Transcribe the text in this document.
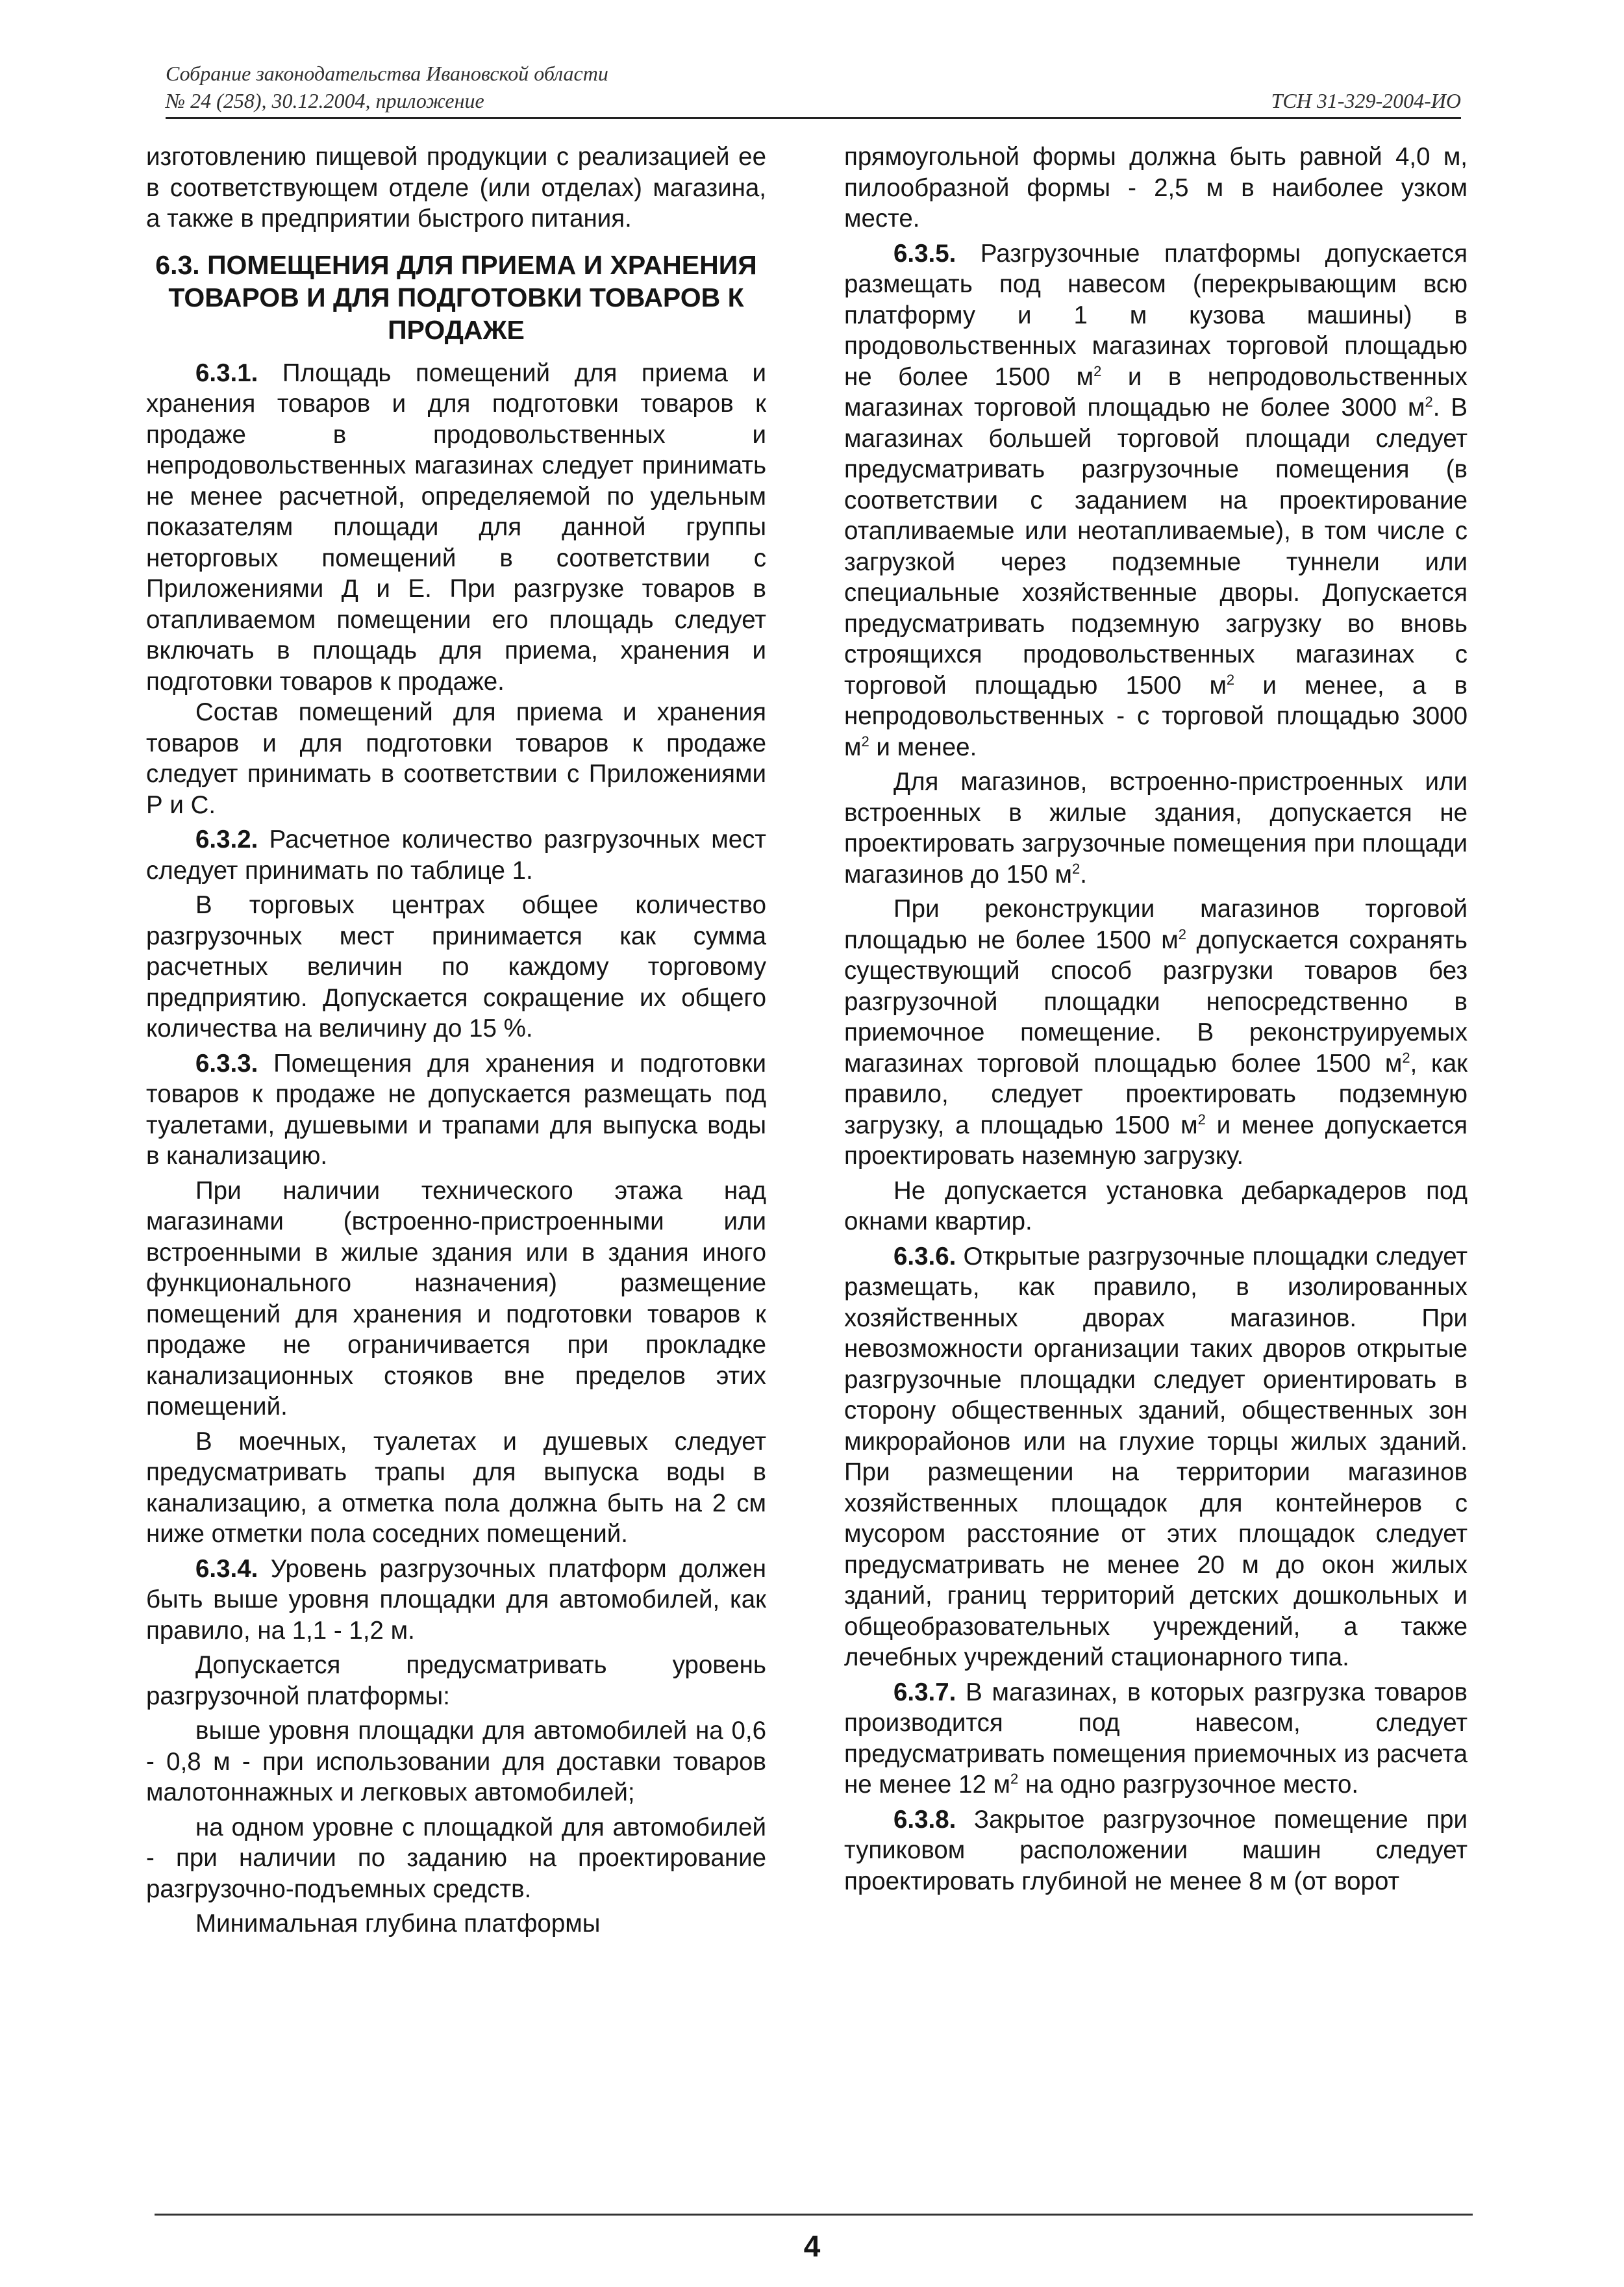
Собрание законодательства Ивановской области
№ 24 (258), 30.12.2004, приложение	ТСН 31-329-2004-ИО

изготовлению пищевой продукции с реализацией ее в соответствующем отделе (или отделах) магазина, а также в предприятии быстрого питания.

6.3. ПОМЕЩЕНИЯ ДЛЯ ПРИЕМА И ХРАНЕНИЯ ТОВАРОВ И ДЛЯ ПОДГОТОВКИ ТОВАРОВ К ПРОДАЖЕ

6.3.1. Площадь помещений для приема и хранения товаров и для подготовки товаров к продаже в продовольственных и непродовольственных магазинах следует принимать не менее расчетной, определяемой по удельным показателям площади для данной группы неторговых помещений в соответствии с Приложениями Д и Е. При разгрузке товаров в отапливаемом помещении его площадь следует включать в площадь для приема, хранения и подготовки товаров к продаже.

Состав помещений для приема и хранения товаров и для подготовки товаров к продаже следует принимать в соответствии с Приложениями Р и С.

6.3.2. Расчетное количество разгрузочных мест следует принимать по таблице 1.

В торговых центрах общее количество разгрузочных мест принимается как сумма расчетных величин по каждому торговому предприятию. Допускается сокращение их общего количества на величину до 15 %.

6.3.3. Помещения для хранения и подготовки товаров к продаже не допускается размещать под туалетами, душевыми и трапами для выпуска воды в канализацию.

При наличии технического этажа над магазинами (встроенно-пристроенными или встроенными в жилые здания или в здания иного функционального назначения) размещение помещений для хранения и подготовки товаров к продаже не ограничивается при прокладке канализационных стояков вне пределов этих помещений.

В моечных, туалетах и душевых следует предусматривать трапы для выпуска воды в канализацию, а отметка пола должна быть на 2 см ниже отметки пола соседних помещений.

6.3.4. Уровень разгрузочных платформ должен быть выше уровня площадки для автомобилей, как правило, на 1,1 - 1,2 м.

Допускается предусматривать уровень разгрузочной платформы:

выше уровня площадки для автомобилей на 0,6 - 0,8 м - при использовании для доставки товаров малотоннажных и легковых автомобилей;

на одном уровне с площадкой для автомобилей - при наличии по заданию на проектирование разгрузочно-подъемных средств.

Минимальная глубина платформы

прямоугольной формы должна быть равной 4,0 м, пилообразной формы - 2,5 м в наиболее узком месте.

6.3.5. Разгрузочные платформы допускается размещать под навесом (перекрывающим всю платформу и 1 м кузова машины) в продовольственных магазинах торговой площадью не более 1500 $м^2$ и в непродовольственных магазинах торговой площадью не более 3000 $м^2$. В магазинах большей торговой площади следует предусматривать разгрузочные помещения (в соответствии с заданием на проектирование отапливаемые или неотапливаемые), в том числе с загрузкой через подземные туннели или специальные хозяйственные дворы. Допускается предусматривать подземную загрузку во вновь строящихся продовольственных магазинах с торговой площадью 1500 $м^2$ и менее, а в непродовольственных - с торговой площадью 3000 $м^2$ и менее.

Для магазинов, встроенно-пристроенных или встроенных в жилые здания, допускается не проектировать загрузочные помещения при площади магазинов до 150 $м^2$.

При реконструкции магазинов торговой площадью не более 1500 $м^2$ допускается сохранять существующий способ разгрузки товаров без разгрузочной площадки непосредственно в приемочное помещение. В реконструируемых магазинах торговой площадью более 1500 $м^2$, как правило, следует проектировать подземную загрузку, а площадью 1500 $м^2$ и менее допускается проектировать наземную загрузку.

Не допускается установка дебаркадеров под окнами квартир.

6.3.6. Открытые разгрузочные площадки следует размещать, как правило, в изолированных хозяйственных дворах магазинов. При невозможности организации таких дворов открытые разгрузочные площадки следует ориентировать в сторону общественных зданий, общественных зон микрорайонов или на глухие торцы жилых зданий. При размещении на территории магазинов хозяйственных площадок для контейнеров с мусором расстояние от этих площадок следует предусматривать не менее 20 м до окон жилых зданий, границ территорий детских дошкольных и общеобразовательных учреждений, а также лечебных учреждений стационарного типа.

6.3.7. В магазинах, в которых разгрузка товаров производится под навесом, следует предусматривать помещения приемочных из расчета не менее 12 $м^2$ на одно разгрузочное место.

6.3.8. Закрытое разгрузочное помещение при тупиковом расположении машин следует проектировать глубиной не менее 8 м (от ворот

4
